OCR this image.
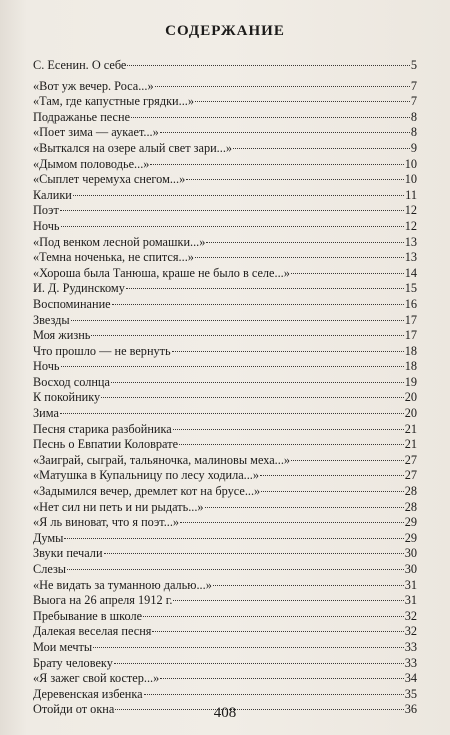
СОДЕРЖАНИЕ
С. Есенин. О себе	5
«Вот уж вечер. Роса...»	7
«Там, где капустные грядки...»	7
Подражанье песне	8
«Поет зима — аукает...»	8
«Выткался на озере алый свет зари...»	9
«Дымом половодье...»	10
«Сыплет черемуха снегом...»	10
Калики	11
Поэт	12
Ночь	12
«Под венком лесной ромашки...»	13
«Темна ноченька, не спится...»	13
«Хороша была Танюша, краше не было в селе...»	14
И. Д. Рудинскому	15
Воспоминание	16
Звезды	17
Моя жизнь	17
Что прошло — не вернуть	18
Ночь	18
Восход солнца	19
К покойнику	20
Зима	20
Песня старика разбойника	21
Песнь о Евпатии Коловрате	21
«Заиграй, сыграй, тальяночка, малиновы меха...»	27
«Матушка в Купальницу по лесу ходила...»	27
«Задымился вечер, дремлет кот на брусе...»	28
«Нет сил ни петь и ни рыдать...»	28
«Я ль виноват, что я поэт...»	29
Думы	29
Звуки печали	30
Слезы	30
«Не видать за туманною далью...»	31
Выога на 26 апреля 1912 г.	31
Пребывание в школе	32
Далекая веселая песня	32
Мои мечты	33
Брату человеку	33
«Я зажег свой костер...»	34
Деревенская избенка	35
Отойди от окна	36
408
